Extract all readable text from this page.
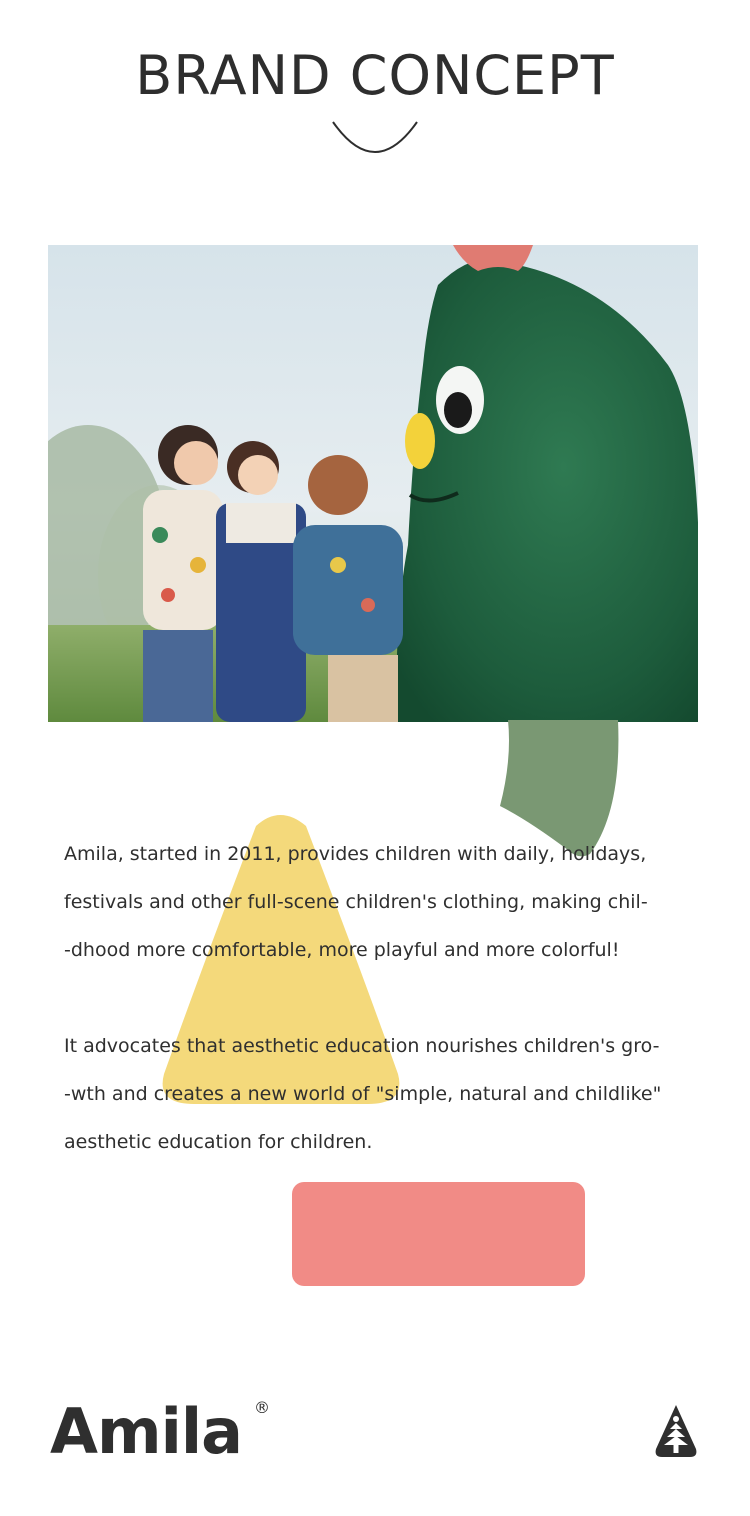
BRAND CONCEPT

Amila, started in 2011, provides children with daily, holidays,
festivals and other full-scene children's clothing, making chil-
-dhood more comfortable, more playful and more colorful!

It advocates that aesthetic education nourishes children's gro-
-wth and creates a new world of "simple, natural and childlike"
aesthetic education for children.

Amila ®
